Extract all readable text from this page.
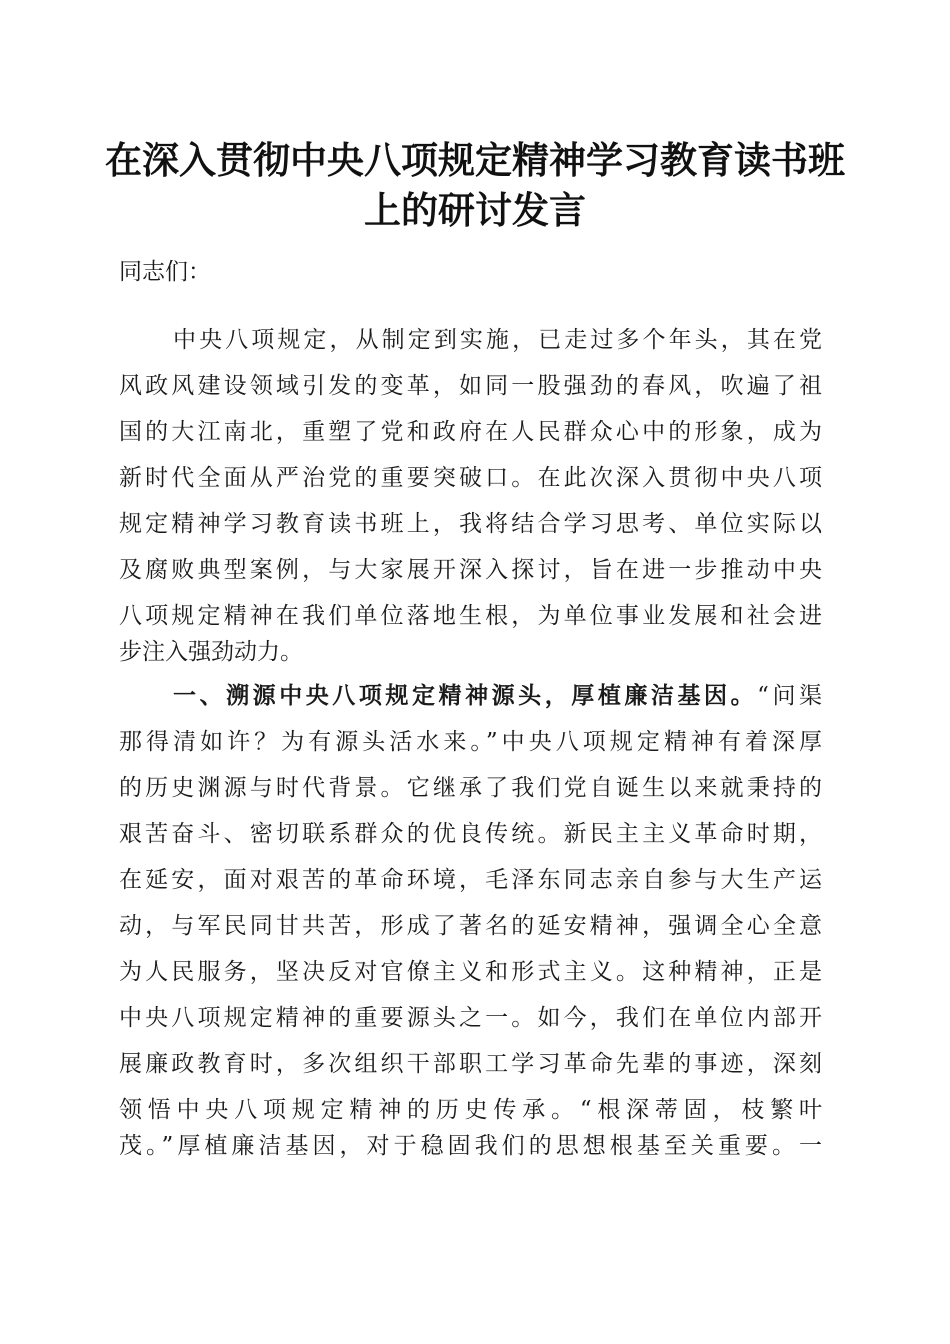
在深入贯彻中央八项规定精神学习教育读书班
上的研讨发言
同志们：
中央八项规定，从制定到实施，已走过多个年头，其在党
风政风建设领域引发的变革，如同一股强劲的春风，吹遍了祖
国的大江南北，重塑了党和政府在人民群众心中的形象，成为
新时代全面从严治党的重要突破口。在此次深入贯彻中央八项
规定精神学习教育读书班上，我将结合学习思考、单位实际以
及腐败典型案例，与大家展开深入探讨，旨在进一步推动中央
八项规定精神在我们单位落地生根，为单位事业发展和社会进
步注入强劲动力。
一、溯源中央八项规定精神源头，厚植廉洁基因。“问渠
那得清如许？为有源头活水来。”中央八项规定精神有着深厚
的历史渊源与时代背景。它继承了我们党自诞生以来就秉持的
艰苦奋斗、密切联系群众的优良传统。新民主主义革命时期，
在延安，面对艰苦的革命环境，毛泽东同志亲自参与大生产运
动，与军民同甘共苦，形成了著名的延安精神，强调全心全意
为人民服务，坚决反对官僚主义和形式主义。这种精神，正是
中央八项规定精神的重要源头之一。如今，我们在单位内部开
展廉政教育时，多次组织干部职工学习革命先辈的事迹，深刻
领悟中央八项规定精神的历史传承。“根深蒂固，枝繁叶
茂。”厚植廉洁基因，对于稳固我们的思想根基至关重要。一
